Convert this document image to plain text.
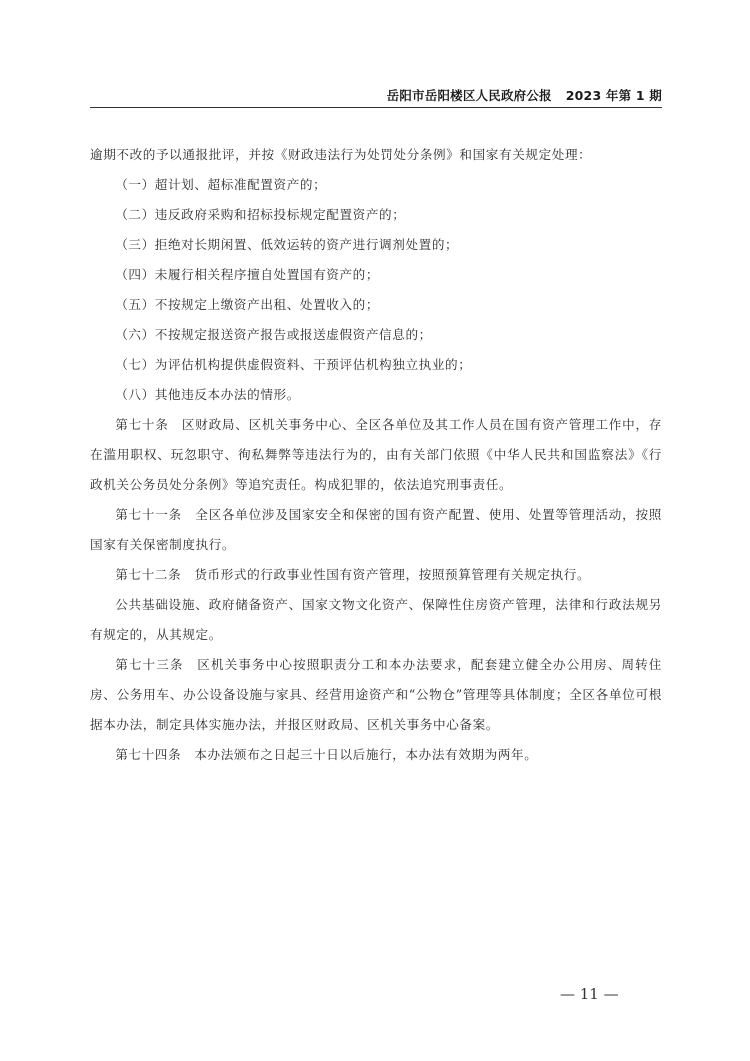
岳阳市岳阳楼区人民政府公报 2023 年第 1 期

逾期不改的予以通报批评，并按《财政违法行为处罚处分条例》和国家有关规定处理：

（一）超计划、超标准配置资产的；

（二）违反政府采购和招标投标规定配置资产的；

（三）拒绝对长期闲置、低效运转的资产进行调剂处置的；

（四）未履行相关程序擅自处置国有资产的；

（五）不按规定上缴资产出租、处置收入的；

（六）不按规定报送资产报告或报送虚假资产信息的；

（七）为评估机构提供虚假资料、干预评估机构独立执业的；

（八）其他违反本办法的情形。

第七十条　区财政局、区机关事务中心、全区各单位及其工作人员在国有资产管理工作中，存在滥用职权、玩忽职守、徇私舞弊等违法行为的，由有关部门依照《中华人民共和国监察法》《行政机关公务员处分条例》等追究责任。构成犯罪的，依法追究刑事责任。

第七十一条　全区各单位涉及国家安全和保密的国有资产配置、使用、处置等管理活动，按照国家有关保密制度执行。

第七十二条　货币形式的行政事业性国有资产管理，按照预算管理有关规定执行。

公共基础设施、政府储备资产、国家文物文化资产、保障性住房资产管理，法律和行政法规另有规定的，从其规定。

第七十三条　区机关事务中心按照职责分工和本办法要求，配套建立健全办公用房、周转住房、公务用车、办公设备设施与家具、经营用途资产和“公物仓”管理等具体制度；全区各单位可根据本办法，制定具体实施办法，并报区财政局、区机关事务中心备案。

第七十四条　本办法颁布之日起三十日以后施行，本办法有效期为两年。

— 11 —
